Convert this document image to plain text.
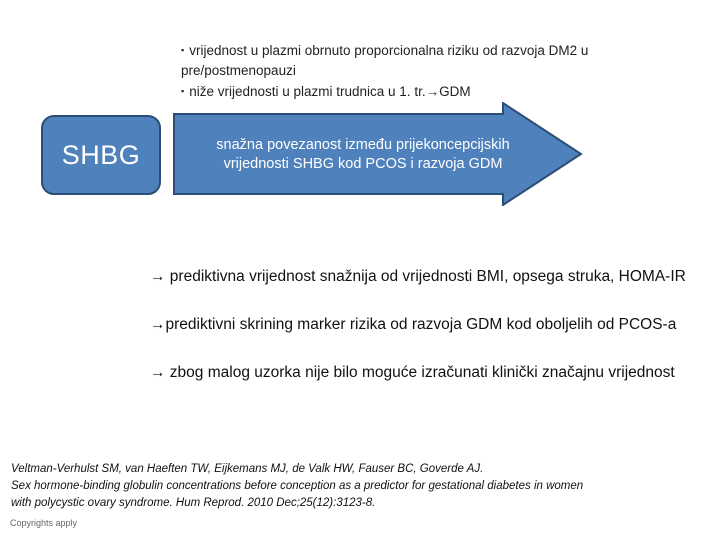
▪ vrijednost u plazmi obrnuto proporcionalna riziku od razvoja DM2 u
pre/postmenopauzi
▪ niže vrijednosti u plazmi trudnica u 1. tr.→GDM
SHBG	snažna povezanost između prijekoncepcijskih
vrijednosti SHBG kod PCOS i razvoja GDM

→ prediktivna vrijednost snažnija od vrijednosti BMI, opsega struka, HOMA-IR

→prediktivni skrining marker rizika od razvoja GDM kod oboljelih od PCOS-a

→ zbog malog uzorka nije bilo moguće izračunati klinički značajnu vrijednost

Veltman-Verhulst SM, van Haeften TW, Eijkemans MJ, de Valk HW, Fauser BC, Goverde AJ.
Sex hormone-binding globulin concentrations before conception as a predictor for gestational diabetes in women
with polycystic ovary syndrome. Hum Reprod. 2010 Dec;25(12):3123-8.
Copyrights apply
